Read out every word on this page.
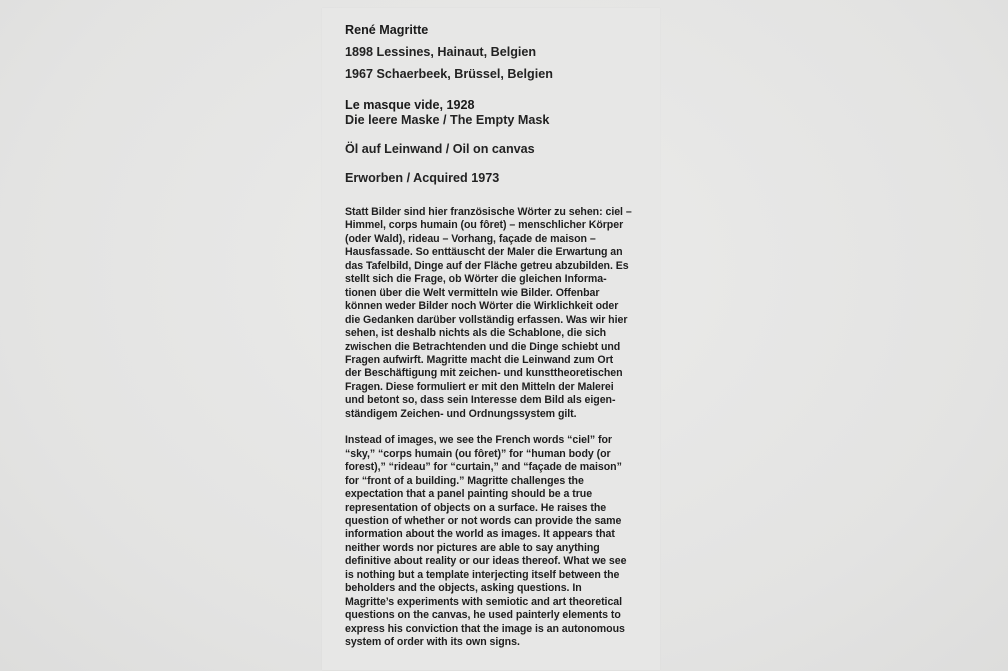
René Magritte

1898 Lessines, Hainaut, Belgien

1967 Schaerbeek, Brüssel, Belgien

Le masque vide, 1928

Die leere Maske / The Empty Mask

Öl auf Leinwand / Oil on canvas

Erworben / Acquired 1973

Statt Bilder sind hier französische Wörter zu sehen: ciel –
Himmel, corps humain (ou fôret) – menschlicher Körper
(oder Wald), rideau – Vorhang, façade de maison –
Hausfassade. So enttäuscht der Maler die Erwartung an
das Tafelbild, Dinge auf der Fläche getreu abzubilden. Es
stellt sich die Frage, ob Wörter die gleichen Informa-
tionen über die Welt vermitteln wie Bilder. Offenbar
können weder Bilder noch Wörter die Wirklichkeit oder
die Gedanken darüber vollständig erfassen. Was wir hier
sehen, ist deshalb nichts als die Schablone, die sich
zwischen die Betrachtenden und die Dinge schiebt und
Fragen aufwirft. Magritte macht die Leinwand zum Ort
der Beschäftigung mit zeichen- und kunsttheoretischen
Fragen. Diese formuliert er mit den Mitteln der Malerei
und betont so, dass sein Interesse dem Bild als eigen-
ständigem Zeichen- und Ordnungssystem gilt.
Instead of images, we see the French words “ciel” for
“sky,” “corps humain (ou fôret)” for “human body (or
forest),” “rideau” for “curtain,” and “façade de maison”
for “front of a building.” Magritte challenges the
expectation that a panel painting should be a true
representation of objects on a surface. He raises the
question of whether or not words can provide the same
information about the world as images. It appears that
neither words nor pictures are able to say anything
definitive about reality or our ideas thereof. What we see
is nothing but a template interjecting itself between the
beholders and the objects, asking questions. In
Magritte’s experiments with semiotic and art theoretical
questions on the canvas, he used painterly elements to
express his conviction that the image is an autonomous
system of order with its own signs.
